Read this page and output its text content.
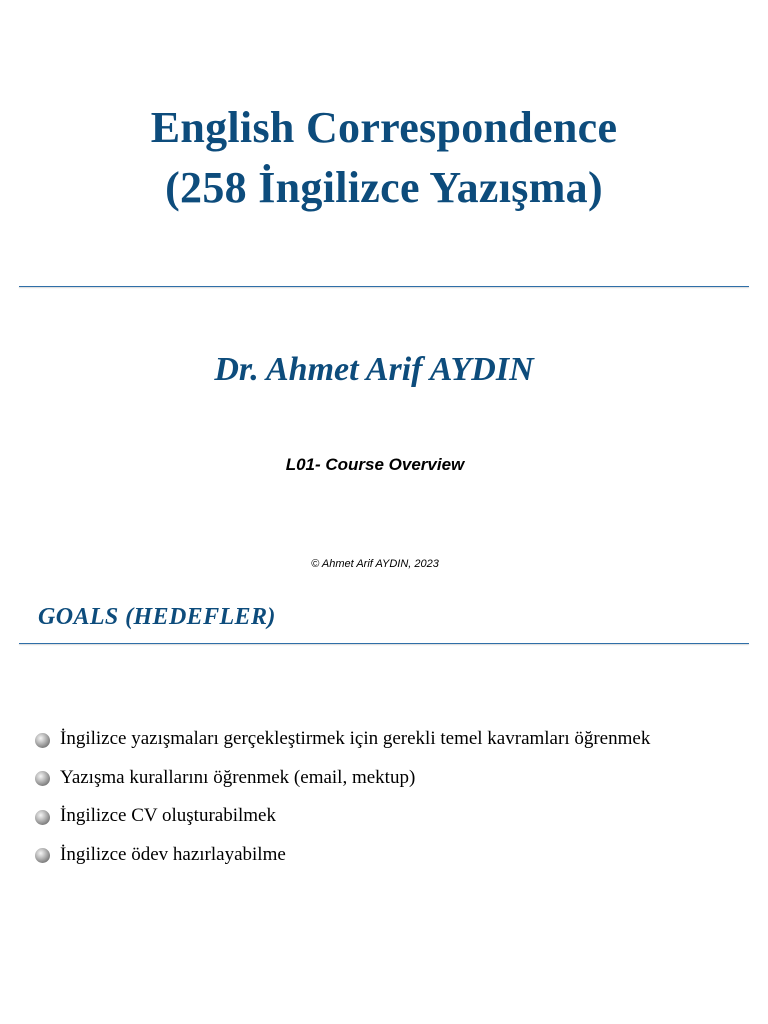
English Correspondence
(258 İngilizce Yazışma)
Dr. Ahmet Arif AYDIN
L01- Course Overview
© Ahmet Arif AYDIN, 2023
GOALS (HEDEFLER)
İngilizce yazışmaları gerçekleştirmek için gerekli temel kavramları öğrenmek
Yazışma kurallarını öğrenmek (email, mektup)
İngilizce CV oluşturabilmek
İngilizce ödev hazırlayabilme
